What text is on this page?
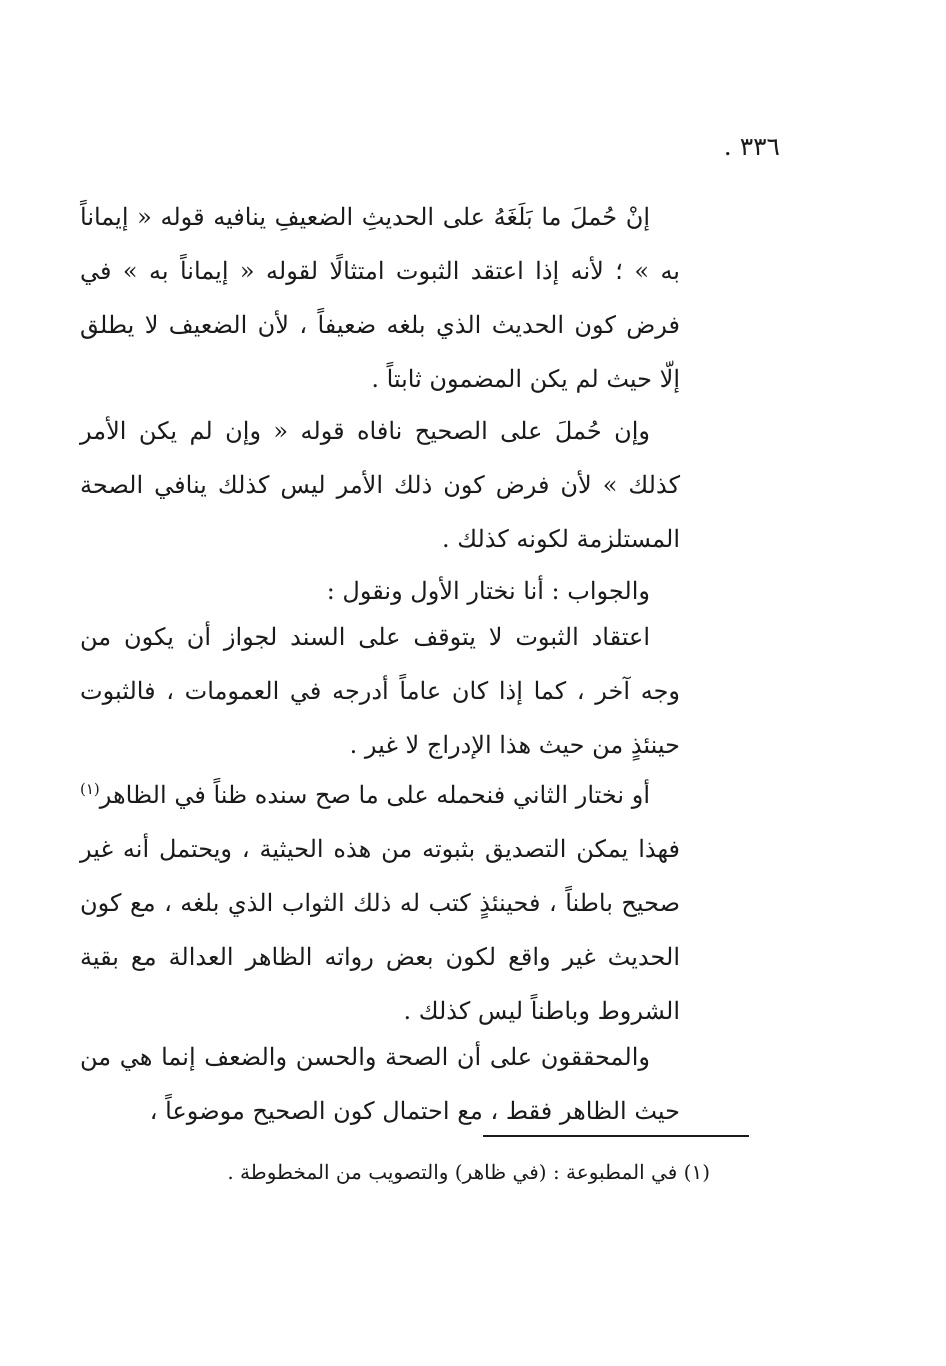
٣٣٦ .

إنْ حُملَ ما بَلَغَهُ على الحديثِ الضعيفِ ينافيه قوله « إيماناً به » ؛ لأنه إذا اعتقد الثبوت امتثالًا لقوله « إيماناً به » في فرض كون الحديث الذي بلغه ضعيفاً ، لأن الضعيف لا يطلق إلّا حيث لم يكن المضمون ثابتاً .

وإن حُملَ على الصحيح نافاه قوله « وإن لم يكن الأمر كذلك » لأن فرض كون ذلك الأمر ليس كذلك ينافي الصحة المستلزمة لكونه كذلك .

والجواب : أنا نختار الأول ونقول :

اعتقاد الثبوت لا يتوقف على السند لجواز أن يكون من وجه آخر ، كما إذا كان عاماً أدرجه في العمومات ، فالثبوت حينئذٍ من حيث هذا الإدراج لا غير .

أو نختار الثاني فنحمله على ما صح سنده ظناً في الظاهر$^{(١)}$ فهذا يمكن التصديق بثبوته من هذه الحيثية ، ويحتمل أنه غير صحيح باطناً ، فحينئذٍ كتب له ذلك الثواب الذي بلغه ، مع كون الحديث غير واقع لكون بعض رواته الظاهر العدالة مع بقية الشروط وباطناً ليس كذلك .

والمحققون على أن الصحة والحسن والضعف إنما هي من حيث الظاهر فقط ، مع احتمال كون الصحيح موضوعاً ،

(١) في المطبوعة : (في ظاهر) والتصويب من المخطوطة .
